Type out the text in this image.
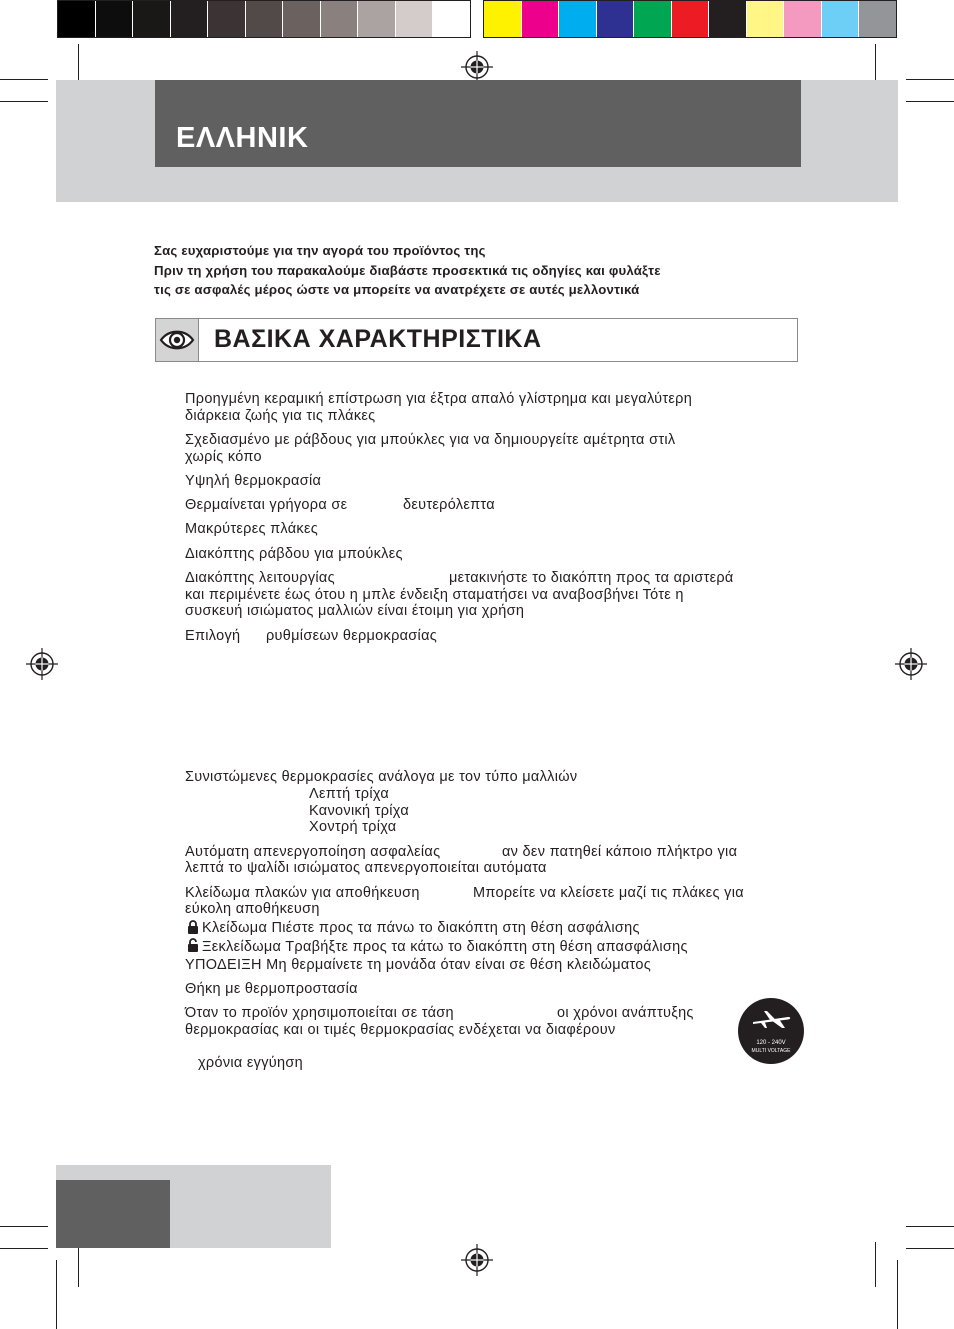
ΕΛΛΗΝΙΚ
Σας ευχαριστούμε για την αγορά του προϊόντος της
Πριν τη χρήση του παρακαλούμε διαβάστε προσεκτικά τις οδηγίες και φυλάξτε
τις σε ασφαλές μέρος ώστε να μπορείτε να ανατρέχετε σε αυτές μελλοντικά
ΒΑΣΙΚΑ ΧΑΡΑΚΤΗΡΙΣΤΙΚΑ
Προηγμένη κεραμική επίστρωση για έξτρα απαλό γλίστρημα και μεγαλύτερη
διάρκεια ζωής για τις πλάκες
Σχεδιασμένο με ράβδους για μπούκλες για να δημιουργείτε αμέτρητα στιλ
χωρίς κόπο
Υψηλή θερμοκρασία
Θερμαίνεται γρήγορα σε	δευτερόλεπτα
Μακρύτερες πλάκες
Διακόπτης ράβδου για μπούκλες
Διακόπτης λειτουργίας	μετακινήστε το διακόπτη προς τα αριστερά
και περιμένετε έως ότου η μπλε ένδειξη σταματήσει να αναβοσβήνει Τότε η
συσκευή ισιώματος μαλλιών είναι έτοιμη για χρήση
Επιλογή ρυθμίσεων θερμοκρασίας
Συνιστώμενες θερμοκρασίες ανάλογα με τον τύπο μαλλιών
Λεπτή τρίχα
Κανονική τρίχα
Χοντρή τρίχα
Αυτόματη απενεργοποίηση ασφαλείας	αν δεν πατηθεί κάποιο πλήκτρο για
λεπτά το ψαλίδι ισιώματος απενεργοποιείται αυτόματα
Κλείδωμα πλακών για αποθήκευση	Μπορείτε να κλείσετε μαζί τις πλάκες για
εύκολη αποθήκευση
Κλείδωμα Πιέστε προς τα πάνω το διακόπτη στη θέση ασφάλισης
Ξεκλείδωμα Τραβήξτε προς τα κάτω το διακόπτη στη θέση απασφάλισης
ΥΠΟΔΕΙΞΗ Μη θερμαίνετε τη μονάδα όταν είναι σε θέση κλειδώματος
Θήκη με θερμοπροστασία
Όταν το προϊόν χρησιμοποιείται σε τάση	οι χρόνοι ανάπτυξης
θερμοκρασίας και οι τιμές θερμοκρασίας ενδέχεται να διαφέρουν
χρόνια εγγύηση
120 - 240V
MULTI VOLTAGE
